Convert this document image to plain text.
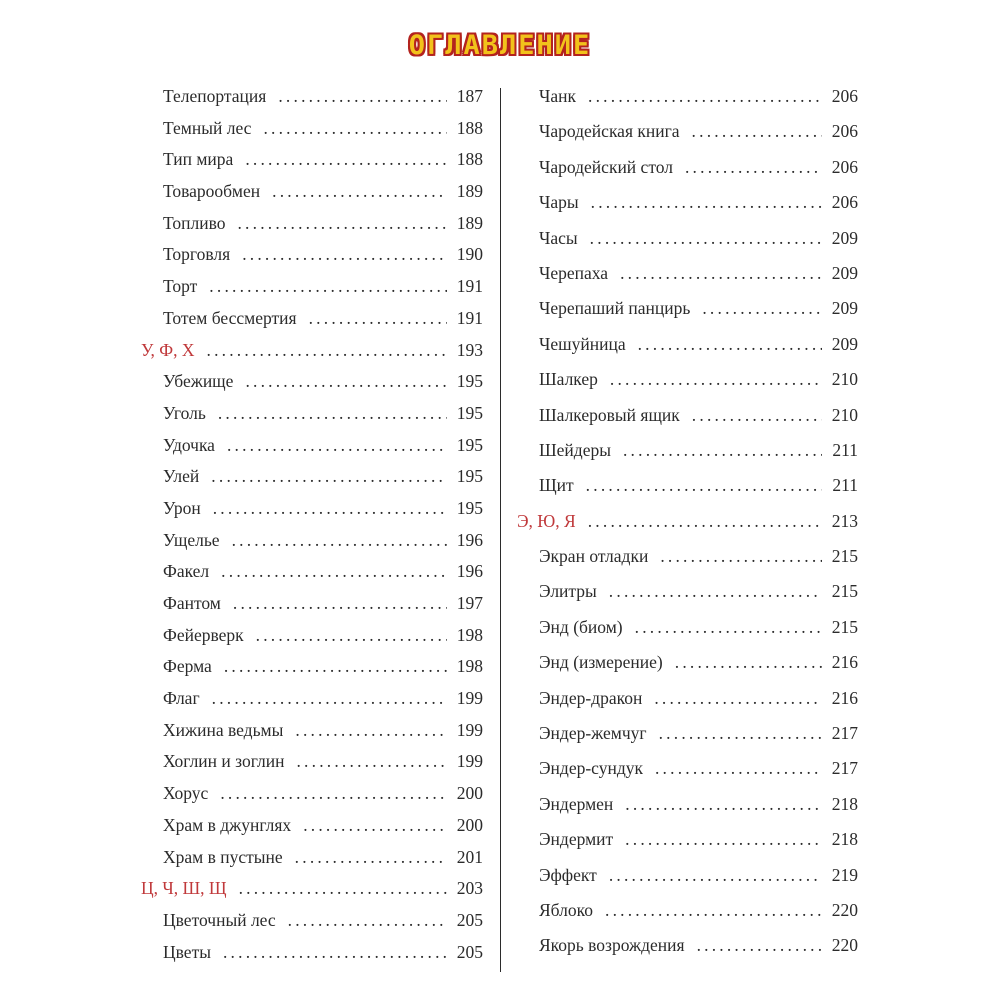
ОГЛАВЛЕНИЕ
Телепортация .....	187
Темный лес .....	188
Тип мира .....	188
Товарообмен .....	189
Топливо .....	189
Торговля .....	190
Торт .....	191
Тотем бессмертия .....	191
У, Ф, Х .....	193
Убежище .....	195
Уголь .....	195
Удочка .....	195
Улей .....	195
Урон .....	195
Ущелье .....	196
Факел .....	196
Фантом .....	197
Фейерверк .....	198
Ферма .....	198
Флаг .....	199
Хижина ведьмы .....	199
Хоглин и зоглин .....	199
Хорус .....	200
Храм в джунглях .....	200
Храм в пустыне .....	201
Ц, Ч, Ш, Щ .....	203
Цветочный лес .....	205
Цветы .....	205
Чанк .....	206
Чародейская книга .....	206
Чародейский стол .....	206
Чары .....	206
Часы .....	209
Черепаха .....	209
Черепаший панцирь .....	209
Чешуйница .....	209
Шалкер .....	210
Шалкеровый ящик .....	210
Шейдеры .....	211
Щит .....	211
Э, Ю, Я .....	213
Экран отладки .....	215
Элитры .....	215
Энд (биом) .....	215
Энд (измерение) .....	216
Эндер-дракон .....	216
Эндер-жемчуг .....	217
Эндер-сундук .....	217
Эндермен .....	218
Эндермит .....	218
Эффект .....	219
Яблоко .....	220
Якорь возрождения .....	220
